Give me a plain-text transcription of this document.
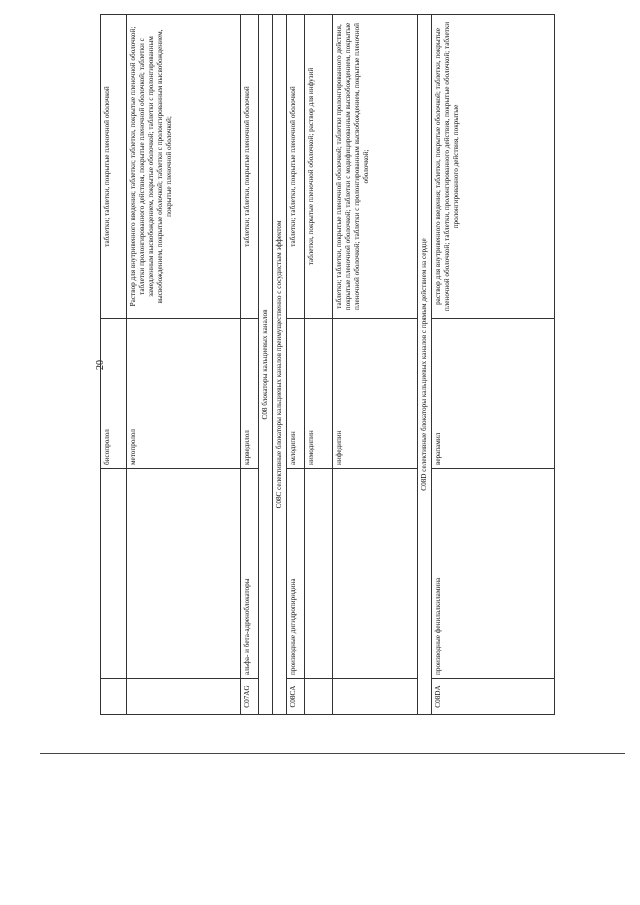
20
		бисопролол	таблетки; таблетки, покрытые пленочной оболочкой
		метопролол	Раствор для внутривенного введения; таблетки; таблетки, покрытые пленочной оболочкой; таблетки пролонгированного действия, покрытые пленочной оболочкой; таблетки с замедленным высвобождением, покрытые оболочкой; таблетки с пролонгированным высвобождением, покрытые оболочкой; таблетки с пролонгированным высвобождением, покрытые пленочной оболочкой;
C07AG	альфа- и бета-адреноблокаторы	карведилол	таблетки; таблетки, покрытые пленочной оболочкой
C08 блокаторы кальциевых каналов			
C08C селективные блокаторы кальциевых каналов преимущественно с сосудистым эффектом			
C08CA	производные дигидропиридина	амлодипин	таблетки; таблетки, покрытые пленочной оболочкой
		нимодипин	таблетки, покрытые пленочной оболочкой; раствор для инфузий
		нифедипин	таблетки; таблетки, покрытые пленочной оболочкой; таблетки пролонгированного действия, покрытые пленочной оболочкой; таблетки с модифицированным высвобождением, покрытые пленочной оболочкой; таблетки с пролонгированным высвобождением, покрытые пленочной оболочкой;
C08D селективные блокаторы кальциевых каналов с прямым действием на сердце			
C08DA	производные фенилалкиламина	верапамил	раствор для внутривенного введения; таблетки, покрытые оболочкой; таблетки, покрытые пленочной оболочкой; таблетки, пролонгированного действия, покрытые оболочкой; таблетки пролонгированного действия, покрытые
